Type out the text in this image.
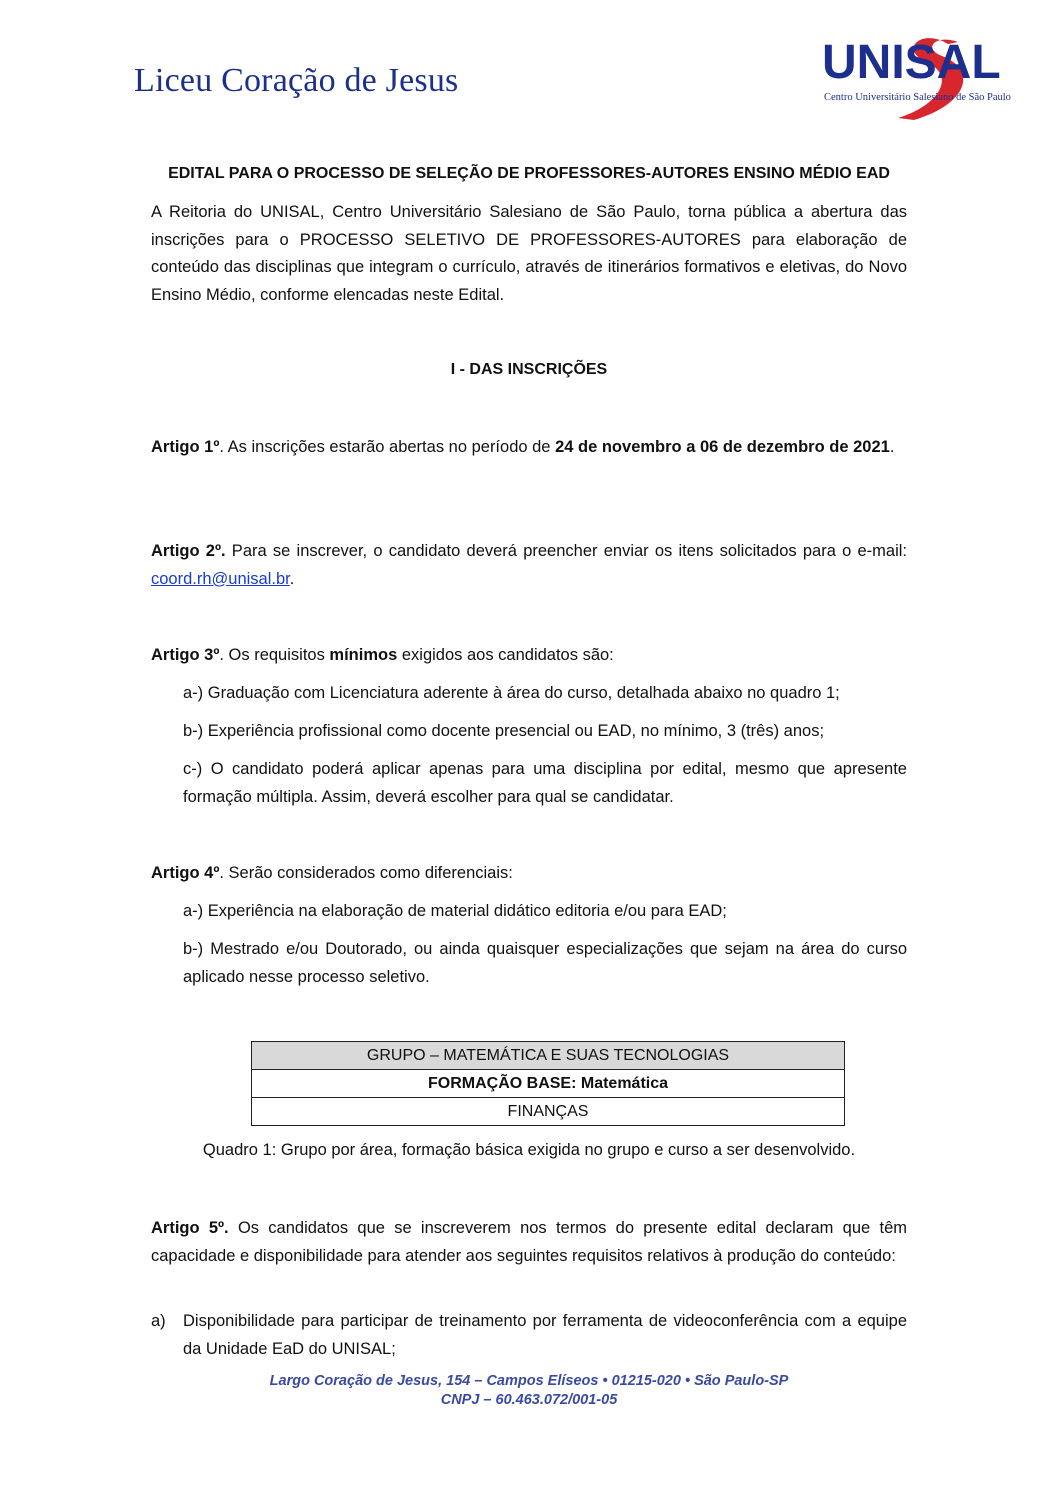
Liceu Coração de Jesus	UNISAL
Centro Universitário Salesiano de São Paulo

EDITAL PARA O PROCESSO DE SELEÇÃO DE PROFESSORES-AUTORES ENSINO MÉDIO EAD

A Reitoria do UNISAL, Centro Universitário Salesiano de São Paulo, torna pública a abertura das inscrições para o PROCESSO SELETIVO DE PROFESSORES-AUTORES para elaboração de conteúdo das disciplinas que integram o currículo, através de itinerários formativos e eletivas, do Novo Ensino Médio, conforme elencadas neste Edital.

I - DAS INSCRIÇÕES

Artigo 1º. As inscrições estarão abertas no período de 24 de novembro a 06 de dezembro de 2021.

Artigo 2º. Para se inscrever, o candidato deverá preencher enviar os itens solicitados para o e-mail: coord.rh@unisal.br.

Artigo 3º. Os requisitos mínimos exigidos aos candidatos são:

a-) Graduação com Licenciatura aderente à área do curso, detalhada abaixo no quadro 1;

b-) Experiência profissional como docente presencial ou EAD, no mínimo, 3 (três) anos;

c-) O candidato poderá aplicar apenas para uma disciplina por edital, mesmo que apresente formação múltipla. Assim, deverá escolher para qual se candidatar.

Artigo 4º. Serão considerados como diferenciais:

a-) Experiência na elaboração de material didático editoria e/ou para EAD;

b-) Mestrado e/ou Doutorado, ou ainda quaisquer especializações que sejam na área do curso aplicado nesse processo seletivo.

GRUPO – MATEMÁTICA E SUAS TECNOLOGIAS
FORMAÇÃO BASE: Matemática
FINANÇAS

Quadro 1: Grupo por área, formação básica exigida no grupo e curso a ser desenvolvido.

Artigo 5º. Os candidatos que se inscreverem nos termos do presente edital declaram que têm capacidade e disponibilidade para atender aos seguintes requisitos relativos à produção do conteúdo:

a) Disponibilidade para participar de treinamento por ferramenta de videoconferência com a equipe da Unidade EaD do UNISAL;
Largo Coração de Jesus, 154 – Campos Elíseos • 01215-020 • São Paulo-SP
CNPJ – 60.463.072/001-05
